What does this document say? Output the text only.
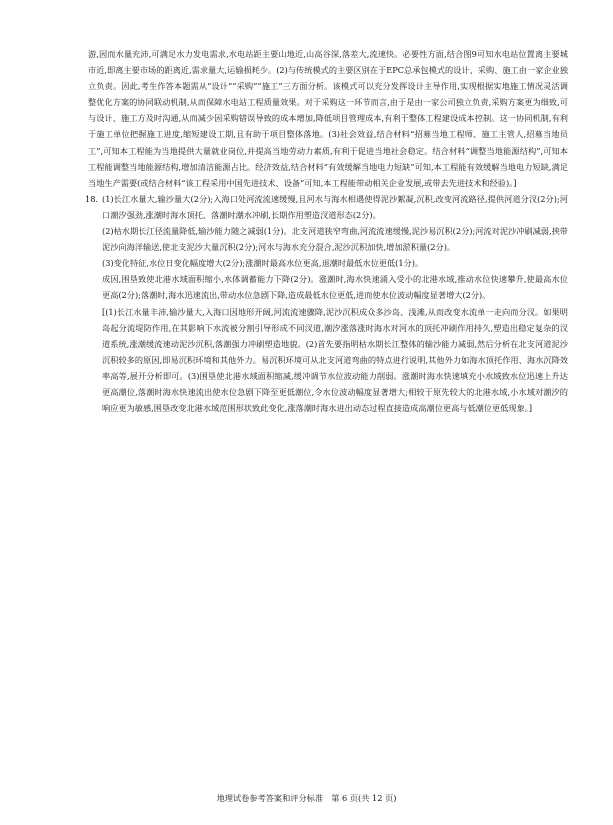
游,因而水量充沛,可满足水力发电需求,水电站距主要山地近,山高谷深,落差大,流速快。必要性方面,结合图9可知水电站位置离主要城市近,即离主要市场的距离近,需求量大,运输损耗少。(2)与传统模式的主要区别在于EPC总承包模式的设计、采购、施工由一家企业独立负责。因此,考生作答本题需从“设计”“采购”“施工”三方面分析。该模式可以充分发挥设计主导作用,实现根据实地施工情况灵活调整优化方案的协同联动机制,从而保障水电站工程质量效果。对于采购这一环节而言,由于是由一家公司独立负责,采购方案更为细致,可与设计、施工方及时沟通,从而减少因采购错误导致的成本增加,降低项目管理成本,有利于整体工程建设成本控制。这一协同机制,有利于施工单位把握施工进度,缩短建设工期,且有助于项目整体落地。(3)社会效益,结合材料“招募当地工程师、施工主管人,招募当地员工”,可知本工程能为当地提供大量就业岗位,并提高当地劳动力素质,有利于促进当地社会稳定。结合材料“调整当地能源结构”,可知本工程能调整当地能源结构,增加清洁能源占比。经济效益,结合材料“有效缓解当地电力短缺”可知,本工程能有效缓解当地电力短缺,满足当地生产需要(或结合材料“该工程采用中国先进技术、设备”可知,本工程能带动相关企业发展,或带去先进技术和经验)。]

18. (1)长江水量大,输沙量大(2分);入海口处河流流速缓慢,且河水与海水相遇使得泥沙絮凝,沉积,改变河流路径,提供河道分汊(2分);河口潮汐强劲,涨潮时海水顶托、落潮时潮水冲刷,长期作用塑造汊道形态(2分)。

(2)枯水期长江径流量降低,输沙能力随之减弱(1分)。北支河道狭窄弯曲,河流流速缓慢,泥沙易沉积(2分);河流对泥沙冲刷减弱,挟带泥沙向海洋输送,使北支泥沙大量沉积(2分);河水与海水充分混合,泥沙沉积加快,增加淤积量(2分)。

(3)变化特征,水位日变化幅度增大(2分);涨潮时最高水位更高,退潮时最低水位更低(1分)。

成因,围垦致使北港水域面积缩小,水体调蓄能力下降(2分)。涨潮时,海水快速涌入受小的北港水域,推动水位快速攀升,使最高水位更高(2分);落潮时,海水迅速流出,带动水位急剧下降,造成最低水位更低,进而使水位波动幅度显著增大(2分)。

[(1)长江水量丰沛,输沙量大,入海口因地形开阔,河流流速骤降,泥沙沉积成众多沙岛、浅滩,从而改变水流单一走向而分汊。如果明岛起分流堤防作用,在其影响下水流被分割引导形成不同汊道,潮汐涨落涨时海水对河水的顶托冲刷作用持久,塑造出稳定复杂的汊道系统,涨潮缓流速动泥沙沉积,落潮强力冲刷塑造地貌。(2)首先要指明枯水期长江整体的输沙能力减弱,然后分析在北支河道泥沙沉积较多的原因,即易沉积环境和其他外力。易沉积环境可从北支河道弯曲的特点进行说明,其他外力如海水顶托作用、海水沉降效率高等,展开分析即可。(3)围垦使北港水域面积缩减,缓冲调节水位波动能力削弱。涨潮时海水快速填充小水域致水位迅速上升达更高潮位,落潮时海水快速流出使水位急剧下降至更低潮位,令水位波动幅度显著增大;相较于原先较大的北港水域,小水域对潮汐的响应更为敏感,围垦改变北港水域范围形状致此变化,涨落潮时海水进出动态过程直接造成高潮位更高与低潮位更低现象。]

地理试卷参考答案和评分标准　第 6 页(共 12 页)
